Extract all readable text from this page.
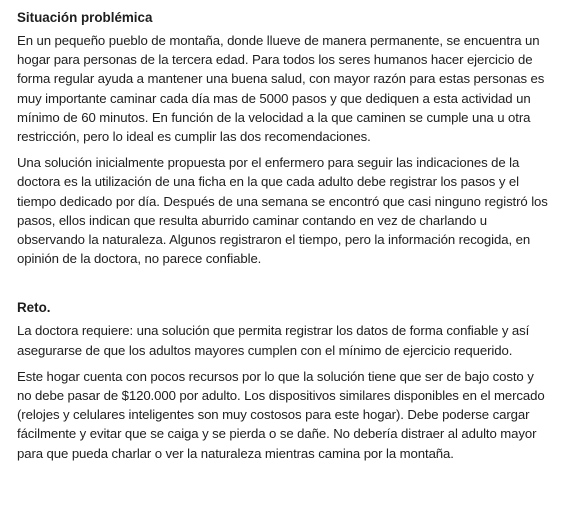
Situación problémica

En un pequeño pueblo de montaña, donde llueve de manera permanente, se encuentra un hogar para personas de la tercera edad. Para todos los seres humanos hacer ejercicio de forma regular ayuda a mantener una buena salud, con mayor razón para estas personas es muy importante caminar cada día mas de 5000 pasos y que dediquen a esta actividad un mínimo de 60 minutos. En función de la velocidad a la que caminen se cumple una u otra restricción, pero lo ideal es cumplir las dos recomendaciones.

Una solución inicialmente propuesta por el enfermero para seguir las indicaciones de la doctora es la utilización de una ficha en la que cada adulto debe registrar los pasos y el tiempo dedicado por día. Después de una semana se encontró que casi ninguno registró los pasos, ellos indican que resulta aburrido caminar contando en vez de charlando u observando la naturaleza. Algunos registraron el tiempo, pero la información recogida, en opinión de la doctora, no parece confiable.

Reto.

La doctora requiere: una solución que permita registrar los datos de forma confiable y así asegurarse de que los adultos mayores cumplen con el mínimo de ejercicio requerido.

Este hogar cuenta con pocos recursos por lo que la solución tiene que ser de bajo costo y no debe pasar de $120.000 por adulto. Los dispositivos similares disponibles en el mercado (relojes y celulares inteligentes son muy costosos para este hogar). Debe poderse cargar fácilmente y evitar que se caiga y se pierda o se dañe. No debería distraer al adulto mayor para que pueda charlar o ver la naturaleza mientras camina por la montaña.
